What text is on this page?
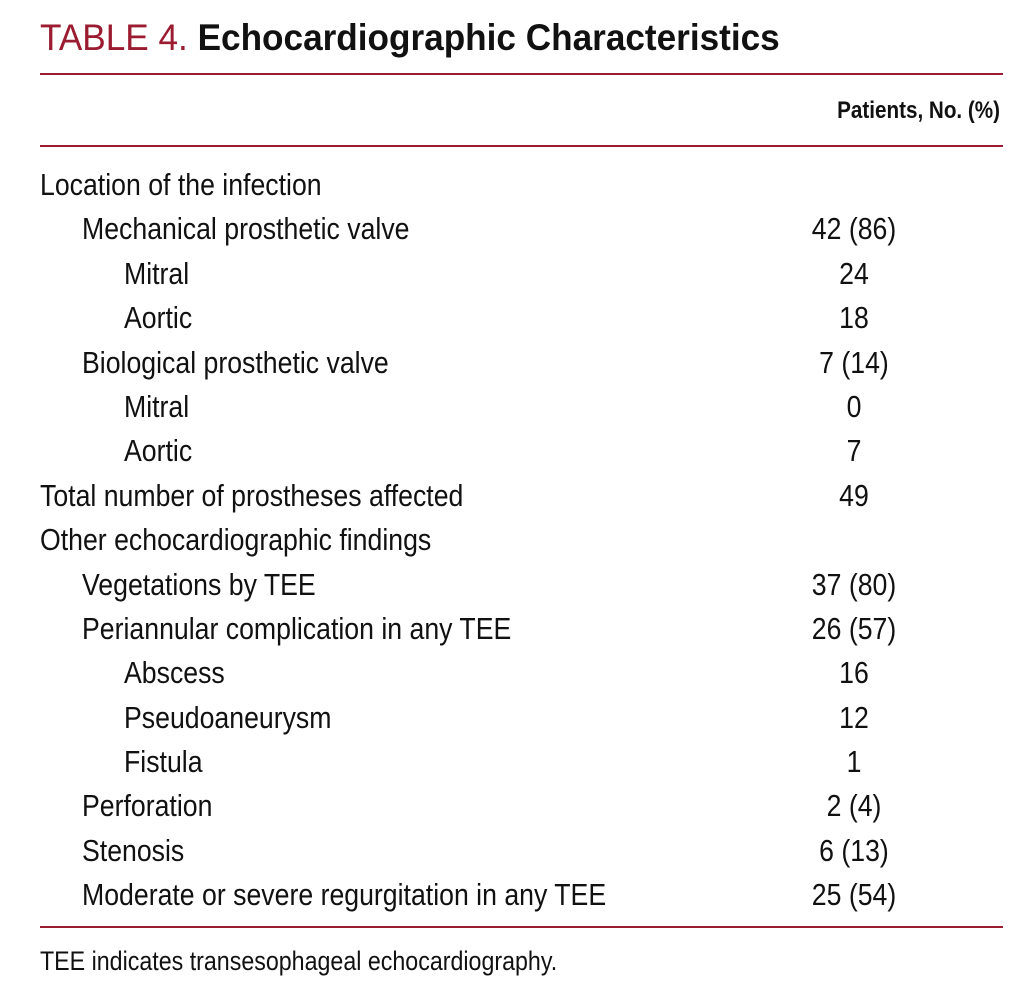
TABLE 4. Echocardiographic Characteristics
Patients, No. (%)
Location of the infection
Mechanical prosthetic valve	42 (86)
Mitral	24
Aortic	18
Biological prosthetic valve	7 (14)
Mitral	0
Aortic	7
Total number of prostheses affected	49
Other echocardiographic findings
Vegetations by TEE	37 (80)
Periannular complication in any TEE	26 (57)
Abscess	16
Pseudoaneurysm	12
Fistula	1
Perforation	2 (4)
Stenosis	6 (13)
Moderate or severe regurgitation in any TEE	25 (54)
TEE indicates transesophageal echocardiography.
